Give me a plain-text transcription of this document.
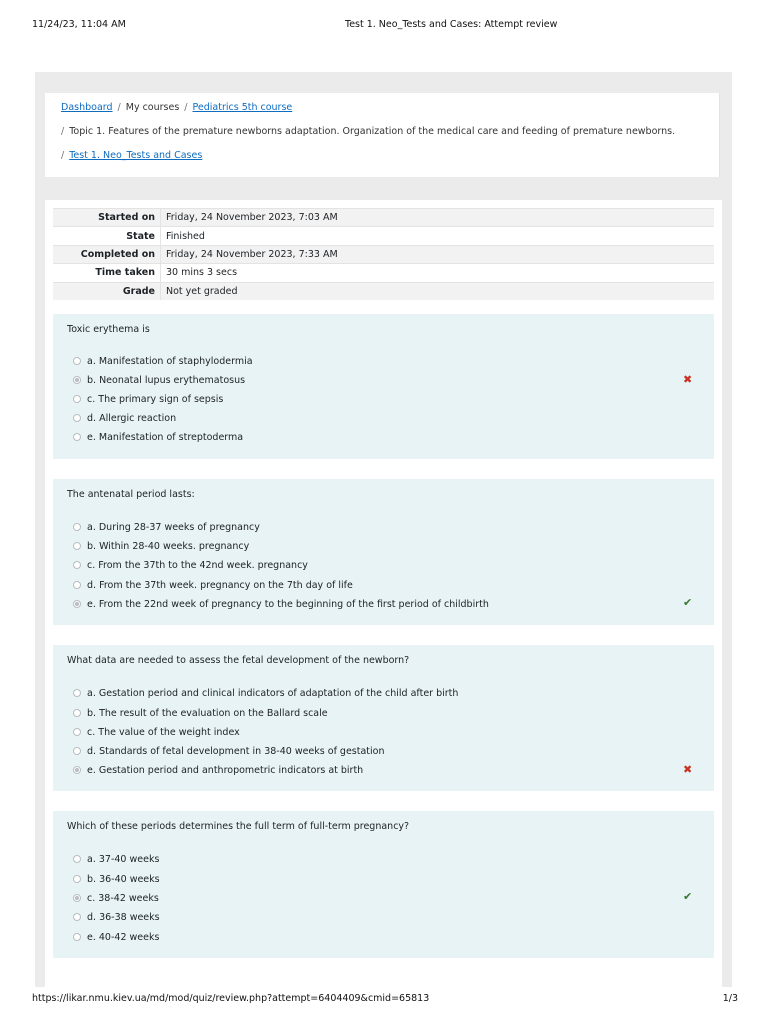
11/24/23, 11:04 AM	Test 1. Neo_Tests and Cases: Attempt review
Dashboard / My courses / Pediatrics 5th course
/ Topic 1. Features of the premature newborns adaptation. Organization of the medical care and feeding of premature newborns.
/ Test 1. Neo_Tests and Cases
Started on	Friday, 24 November 2023, 7:03 AM
State	Finished
Completed on	Friday, 24 November 2023, 7:33 AM
Time taken	30 mins 3 secs
Grade	Not yet graded
Toxic erythema is
a. Manifestation of staphylodermia
b. Neonatal lupus erythematosus
c. The primary sign of sepsis
d. Allergic reaction
e. Manifestation of streptoderma
✖
The antenatal period lasts:
a. During 28-37 weeks of pregnancy
b. Within 28-40 weeks. pregnancy
c. From the 37th to the 42nd week. pregnancy
d. From the 37th week. pregnancy on the 7th day of life
e. From the 22nd week of pregnancy to the beginning of the first period of childbirth	✔
What data are needed to assess the fetal development of the newborn?
a. Gestation period and clinical indicators of adaptation of the child after birth
b. The result of the evaluation on the Ballard scale
c. The value of the weight index
d. Standards of fetal development in 38-40 weeks of gestation
e. Gestation period and anthropometric indicators at birth	✖
Which of these periods determines the full term of full-term pregnancy?
a. 37-40 weeks
b. 36-40 weeks
c. 38-42 weeks
d. 36-38 weeks
e. 40-42 weeks
✔
https://likar.nmu.kiev.ua/md/mod/quiz/review.php?attempt=6404409&cmid=65813	1/3
